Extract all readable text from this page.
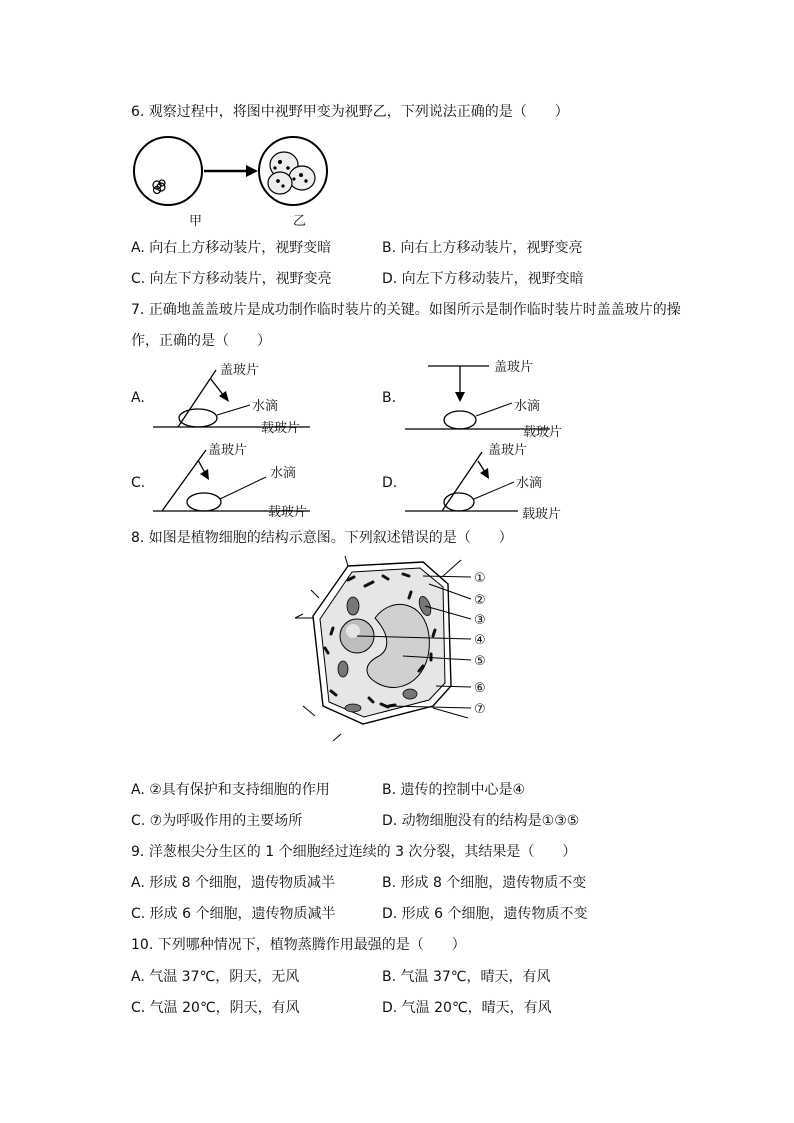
6. 观察过程中，将图中视野甲变为视野乙，下列说法正确的是（　　）
甲	乙
A. 向右上方移动装片，视野变暗	B. 向右上方移动装片，视野变亮
C. 向左下方移动装片，视野变亮	D. 向左下方移动装片，视野变暗
7. 正确地盖盖玻片是成功制作临时装片的关键。如图所示是制作临时装片时盖盖玻片的操
作，正确的是（　　）
A.
盖玻片
水滴
载玻片
B.
盖玻片
水滴
载玻片
C.
盖玻片
水滴
载玻片
D.
盖玻片
水滴
载玻片
8. 如图是植物细胞的结构示意图。下列叙述错误的是（　　）
①
②
③
④
⑤
⑥
⑦
A. ②具有保护和支持细胞的作用	B. 遗传的控制中心是④
C. ⑦为呼吸作用的主要场所	D. 动物细胞没有的结构是①③⑤
9. 洋葱根尖分生区的 1 个细胞经过连续的 3 次分裂，其结果是（　　）
A. 形成 8 个细胞，遗传物质减半	B. 形成 8 个细胞，遗传物质不变
C. 形成 6 个细胞，遗传物质减半	D. 形成 6 个细胞，遗传物质不变
10. 下列哪种情况下，植物蒸腾作用最强的是（　　）
A. 气温 37℃，阴天，无风	B. 气温 37℃，晴天，有风
C. 气温 20℃，阴天，有风	D. 气温 20℃，晴天，有风
